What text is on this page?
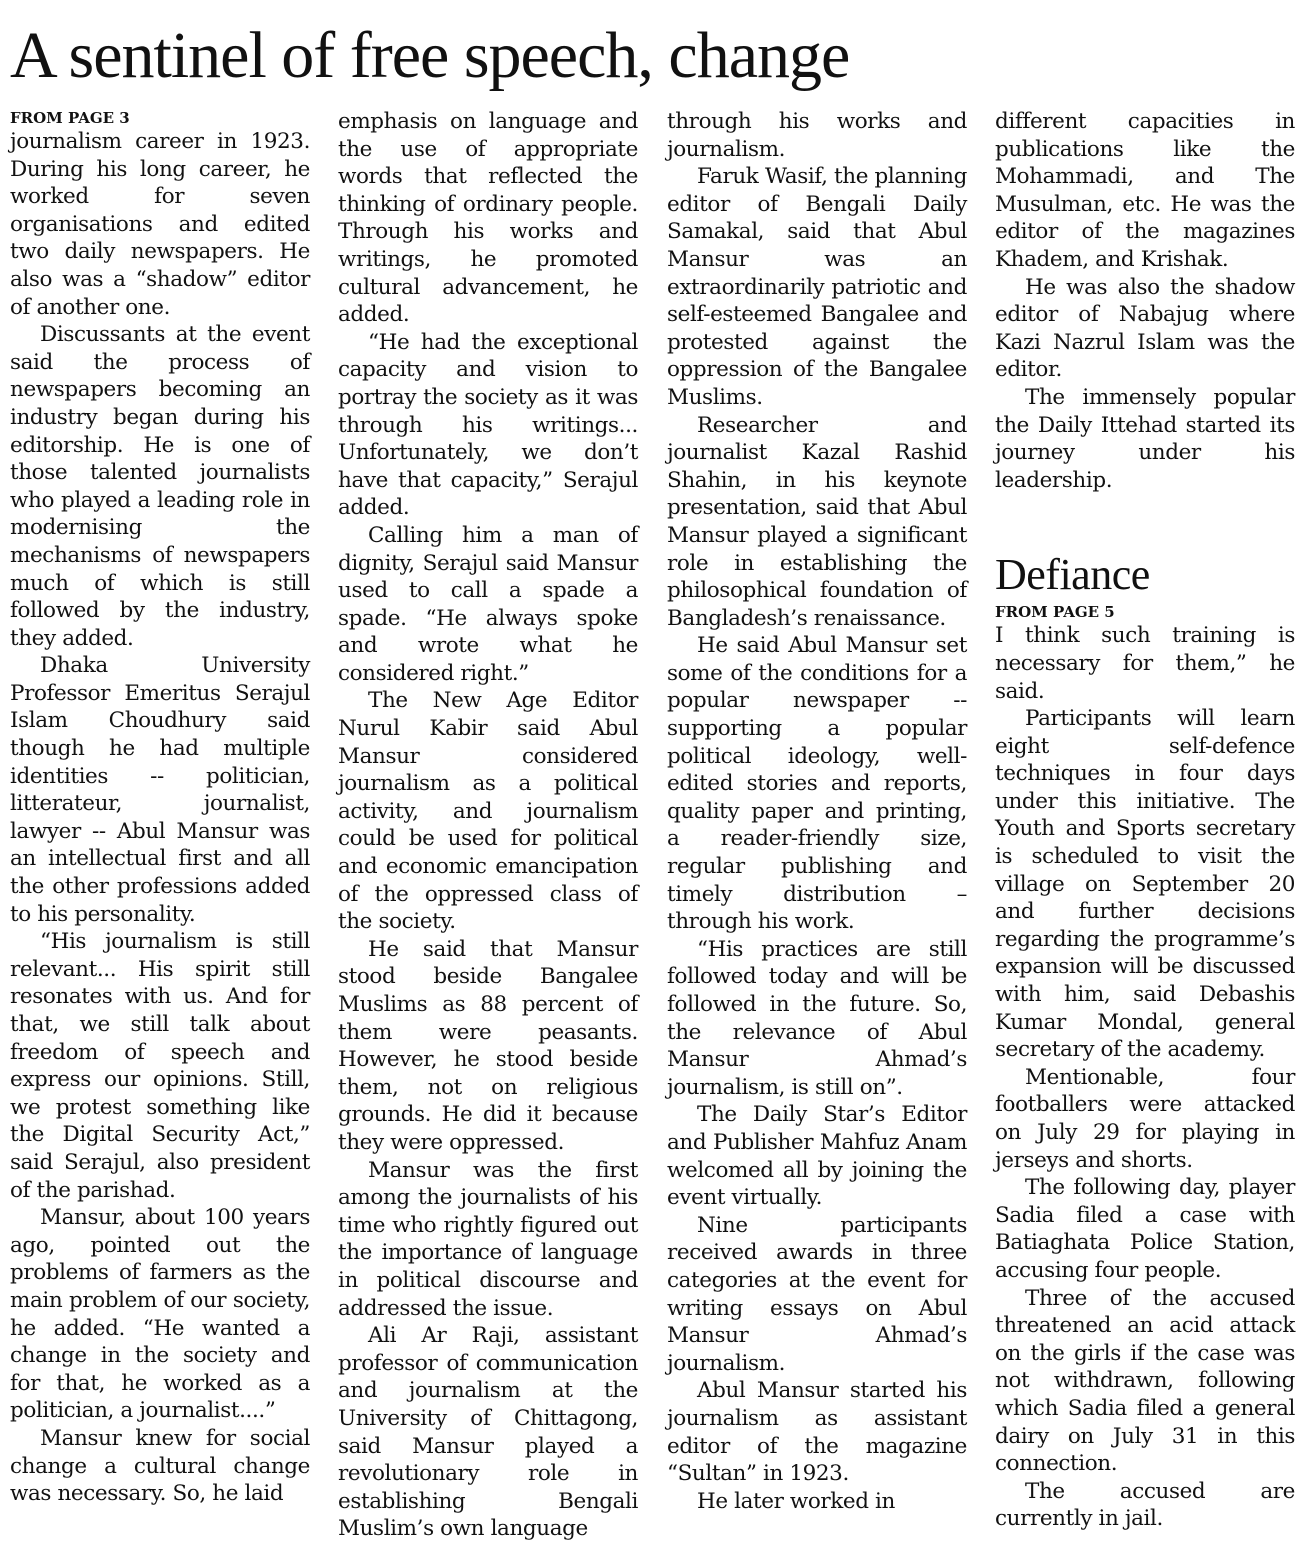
A sentinel of free speech, change
FROM PAGE 3

journalism career in 1923. During his long career, he worked for seven organisations and edited two daily newspapers. He also was a “shadow” editor of another one.

Discussants at the event said the process of newspapers becoming an industry began during his editorship. He is one of those talented journalists who played a leading role in modernising the mechanisms of newspapers much of which is still followed by the industry, they added.

Dhaka University Professor Emeritus Serajul Islam Choudhury said though he had multiple identities -- politician, litterateur, journalist, lawyer -- Abul Mansur was an intellectual first and all the other professions added to his personality.

“His journalism is still relevant... His spirit still resonates with us. And for that, we still talk about freedom of speech and express our opinions. Still, we protest something like the Digital Security Act,” said Serajul, also president of the parishad.

Mansur, about 100 years ago, pointed out the problems of farmers as the main problem of our society, he added. “He wanted a change in the society and for that, he worked as a politician, a journalist....”

Mansur knew for social change a cultural change was necessary. So, he laid

emphasis on language and the use of appropriate words that reflected the thinking of ordinary people. Through his works and writings, he promoted cultural advancement, he added.

“He had the exceptional capacity and vision to portray the society as it was through his writings... Unfortunately, we don’t have that capacity,” Serajul added.

Calling him a man of dignity, Serajul said Mansur used to call a spade a spade. “He always spoke and wrote what he considered right.”

The New Age Editor Nurul Kabir said Abul Mansur considered journalism as a political activity, and journalism could be used for political and economic emancipation of the oppressed class of the society.

He said that Mansur stood beside Bangalee Muslims as 88 percent of them were peasants. However, he stood beside them, not on religious grounds. He did it because they were oppressed.

Mansur was the first among the journalists of his time who rightly figured out the importance of language in political discourse and addressed the issue.

Ali Ar Raji, assistant professor of communication and journalism at the University of Chittagong, said Mansur played a revolutionary role in establishing Bengali Muslim’s own language

through his works and journalism.

Faruk Wasif, the planning editor of Bengali Daily Samakal, said that Abul Mansur was an extraordinarily patriotic and self-esteemed Bangalee and protested against the oppression of the Bangalee Muslims.

Researcher and journalist Kazal Rashid Shahin, in his keynote presentation, said that Abul Mansur played a significant role in establishing the philosophical foundation of Bangladesh’s renaissance.

He said Abul Mansur set some of the conditions for a popular newspaper -- supporting a popular political ideology, well-edited stories and reports, quality paper and printing, a reader-friendly size, regular publishing and timely distribution – through his work.

“His practices are still followed today and will be followed in the future. So, the relevance of Abul Mansur Ahmad’s journalism, is still on”.

The Daily Star’s Editor and Publisher Mahfuz Anam welcomed all by joining the event virtually.

Nine participants received awards in three categories at the event for writing essays on Abul Mansur Ahmad’s journalism.

Abul Mansur started his journalism as assistant editor of the magazine “Sultan” in 1923.

He later worked in

different capacities in publications like the Mohammadi, and The Musulman, etc. He was the editor of the magazines Khadem, and Krishak.

He was also the shadow editor of Nabajug where Kazi Nazrul Islam was the editor.

The immensely popular the Daily Ittehad started its journey under his leadership.

Defiance
FROM PAGE 5

I think such training is necessary for them,” he said.

Participants will learn eight self-defence techniques in four days under this initiative. The Youth and Sports secretary is scheduled to visit the village on September 20 and further decisions regarding the programme’s expansion will be discussed with him, said Debashis Kumar Mondal, general secretary of the academy.

Mentionable, four footballers were attacked on July 29 for playing in jerseys and shorts.

The following day, player Sadia filed a case with Batiaghata Police Station, accusing four people.

Three of the accused threatened an acid attack on the girls if the case was not withdrawn, following which Sadia filed a general dairy on July 31 in this connection.

The accused are currently in jail.
